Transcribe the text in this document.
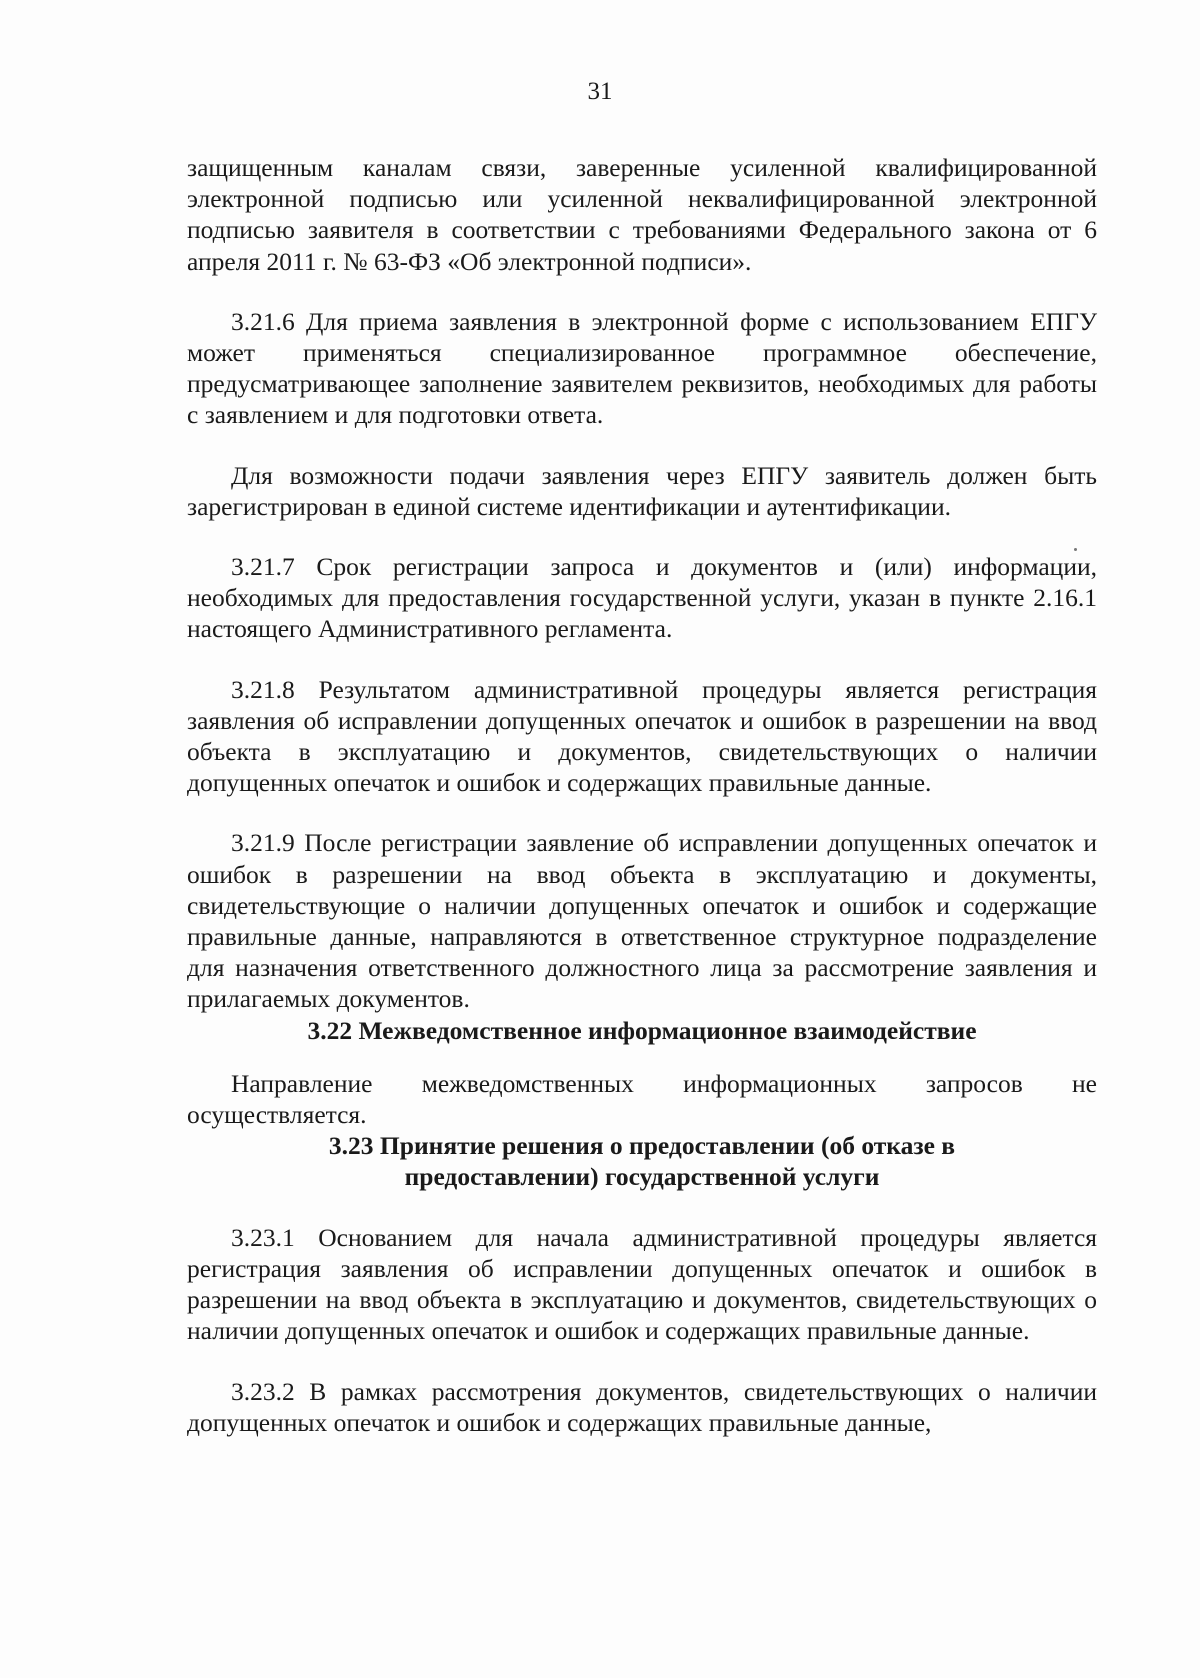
31

защищенным каналам связи, заверенные усиленной квалифицированной электронной подписью или усиленной неквалифицированной электронной подписью заявителя в соответствии с требованиями Федерального закона от 6 апреля 2011 г. № 63-ФЗ «Об электронной подписи».

3.21.6 Для приема заявления в электронной форме с использованием ЕПГУ может применяться специализированное программное обеспечение, предусматривающее заполнение заявителем реквизитов, необходимых для работы с заявлением и для подготовки ответа.

Для возможности подачи заявления через ЕПГУ заявитель должен быть зарегистрирован в единой системе идентификации и аутентификации.

3.21.7 Срок регистрации запроса и документов и (или) информации, необходимых для предоставления государственной услуги, указан в пункте 2.16.1 настоящего Административного регламента.

3.21.8 Результатом административной процедуры является регистрация заявления об исправлении допущенных опечаток и ошибок в разрешении на ввод объекта в эксплуатацию и документов, свидетельствующих о наличии допущенных опечаток и ошибок и содержащих правильные данные.

3.21.9 После регистрации заявление об исправлении допущенных опечаток и ошибок в разрешении на ввод объекта в эксплуатацию и документы, свидетельствующие о наличии допущенных опечаток и ошибок и содержащие правильные данные, направляются в ответственное структурное подразделение для назначения ответственного должностного лица за рассмотрение заявления и прилагаемых документов.

3.22 Межведомственное информационное взаимодействие

Направление межведомственных информационных запросов не осуществляется.

3.23 Принятие решения о предоставлении (об отказе в
предоставлении) государственной услуги

3.23.1 Основанием для начала административной процедуры является регистрация заявления об исправлении допущенных опечаток и ошибок в разрешении на ввод объекта в эксплуатацию и документов, свидетельствующих о наличии допущенных опечаток и ошибок и содержащих правильные данные.

3.23.2 В рамках рассмотрения документов, свидетельствующих о наличии допущенных опечаток и ошибок и содержащих правильные данные,
